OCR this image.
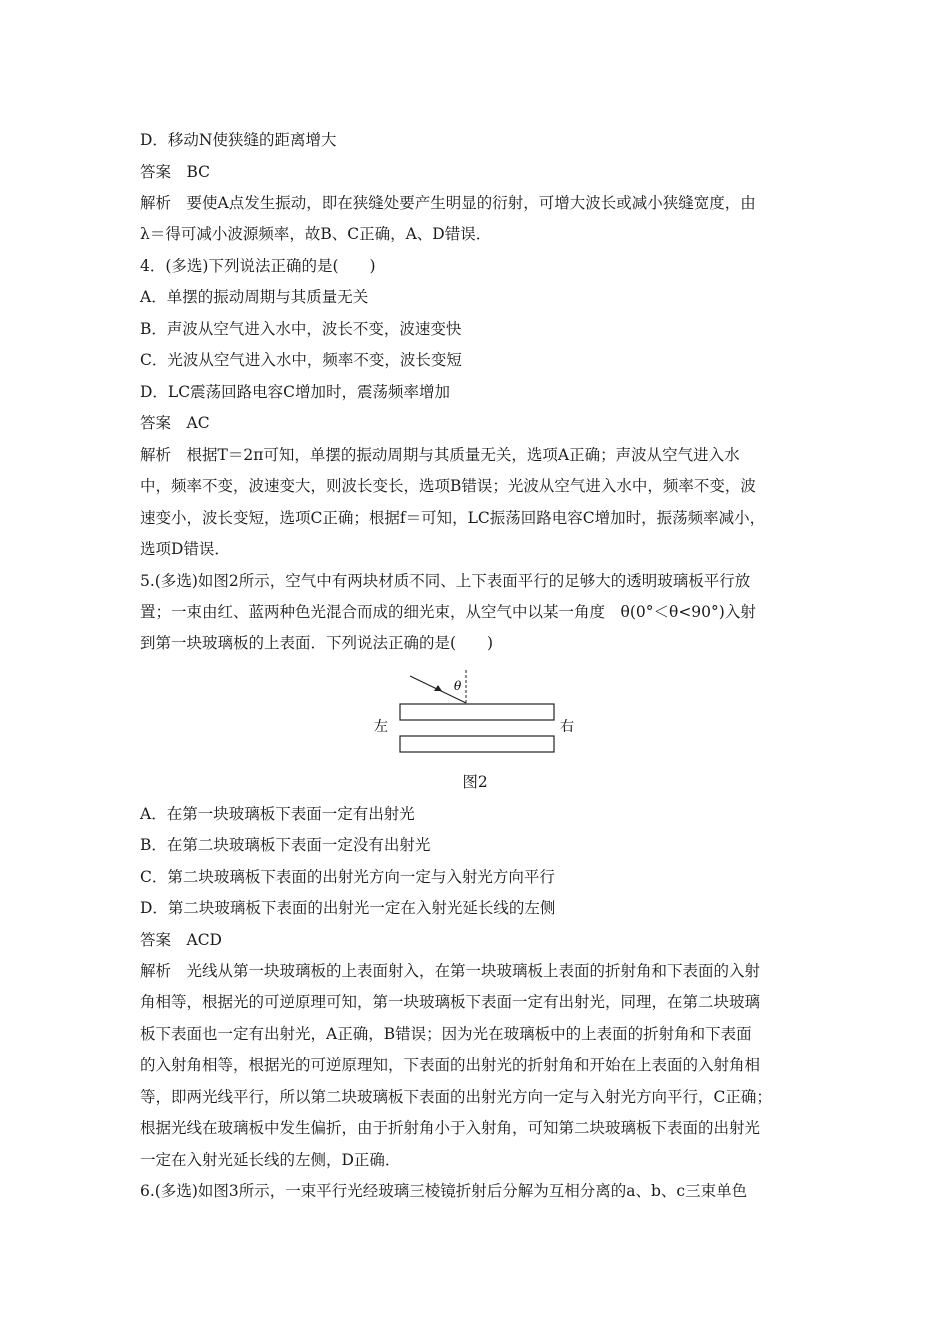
D．移动N使狭缝的距离增大
答案　BC
解析　要使A点发生振动，即在狭缝处要产生明显的衍射，可增大波长或减小狭缝宽度，由
λ＝得可减小波源频率，故B、C正确，A、D错误．
4．(多选)下列说法正确的是(　　)
A．单摆的振动周期与其质量无关
B．声波从空气进入水中，波长不变，波速变快
C．光波从空气进入水中，频率不变，波长变短
D．LC震荡回路电容C增加时，震荡频率增加
答案　AC
解析　根据T＝2π可知，单摆的振动周期与其质量无关，选项A正确；声波从空气进入水
中，频率不变，波速变大，则波长变长，选项B错误；光波从空气进入水中，频率不变，波
速变小，波长变短，选项C正确；根据f＝可知，LC振荡回路电容C增加时，振荡频率减小，
选项D错误．
5.(多选)如图2所示，空气中有两块材质不同、上下表面平行的足够大的透明玻璃板平行放
置；一束由红、蓝两种色光混合而成的细光束，从空气中以某一角度　θ(0°＜θ<90°)入射
到第一块玻璃板的上表面．下列说法正确的是(　　)
θ
左	右
图2
A．在第一块玻璃板下表面一定有出射光
B．在第二块玻璃板下表面一定没有出射光
C．第二块玻璃板下表面的出射光方向一定与入射光方向平行
D．第二块玻璃板下表面的出射光一定在入射光延长线的左侧
答案　ACD
解析　光线从第一块玻璃板的上表面射入，在第一块玻璃板上表面的折射角和下表面的入射
角相等，根据光的可逆原理可知，第一块玻璃板下表面一定有出射光，同理，在第二块玻璃
板下表面也一定有出射光，A正确，B错误；因为光在玻璃板中的上表面的折射角和下表面
的入射角相等，根据光的可逆原理知，下表面的出射光的折射角和开始在上表面的入射角相
等，即两光线平行，所以第二块玻璃板下表面的出射光方向一定与入射光方向平行，C正确；
根据光线在玻璃板中发生偏折，由于折射角小于入射角，可知第二块玻璃板下表面的出射光
一定在入射光延长线的左侧，D正确．
6.(多选)如图3所示，一束平行光经玻璃三棱镜折射后分解为互相分离的a、b、c三束单色
